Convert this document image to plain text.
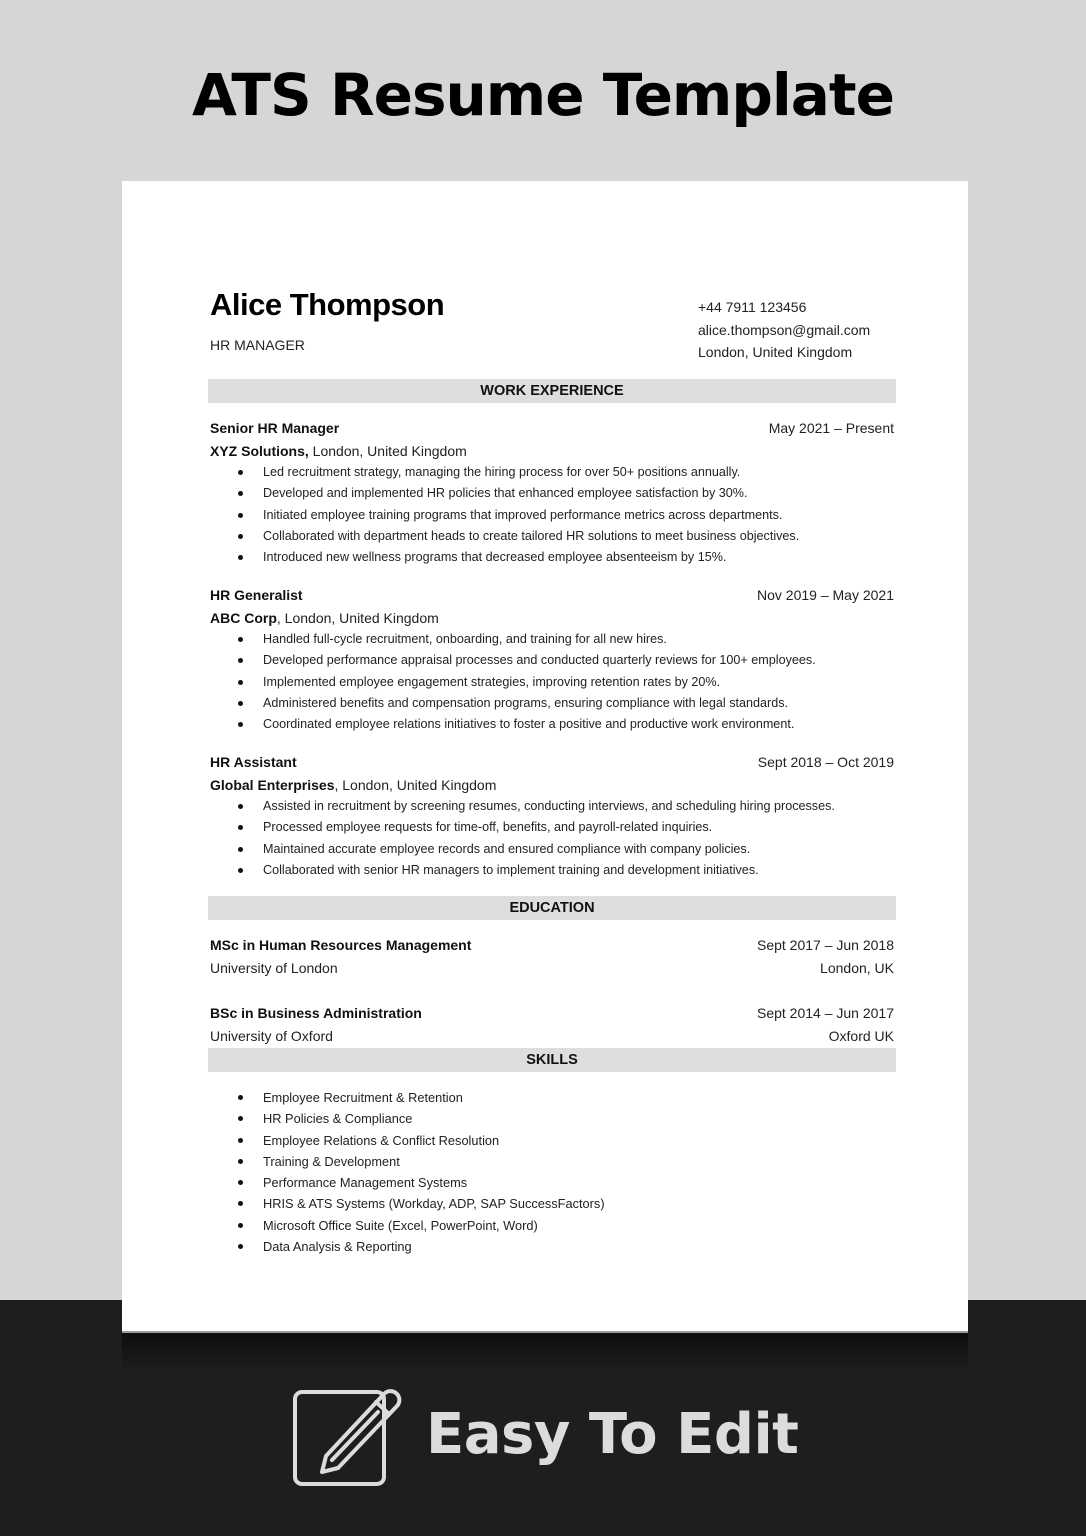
ATS Resume Template
Alice Thompson
HR MANAGER
+44 7911 123456
alice.thompson@gmail.com
London, United Kingdom
WORK EXPERIENCE
Senior HR Manager	May 2021 – Present
XYZ Solutions, London, United Kingdom
Led recruitment strategy, managing the hiring process for over 50+ positions annually.
Developed and implemented HR policies that enhanced employee satisfaction by 30%.
Initiated employee training programs that improved performance metrics across departments.
Collaborated with department heads to create tailored HR solutions to meet business objectives.
Introduced new wellness programs that decreased employee absenteeism by 15%.
HR Generalist	Nov 2019 – May 2021
ABC Corp, London, United Kingdom
Handled full-cycle recruitment, onboarding, and training for all new hires.
Developed performance appraisal processes and conducted quarterly reviews for 100+ employees.
Implemented employee engagement strategies, improving retention rates by 20%.
Administered benefits and compensation programs, ensuring compliance with legal standards.
Coordinated employee relations initiatives to foster a positive and productive work environment.
HR Assistant	Sept 2018 – Oct 2019
Global Enterprises, London, United Kingdom
Assisted in recruitment by screening resumes, conducting interviews, and scheduling hiring processes.
Processed employee requests for time-off, benefits, and payroll-related inquiries.
Maintained accurate employee records and ensured compliance with company policies.
Collaborated with senior HR managers to implement training and development initiatives.
EDUCATION
MSc in Human Resources Management	Sept 2017 – Jun 2018
University of London	London, UK
BSc in Business Administration	Sept 2014 – Jun 2017
University of Oxford	Oxford UK
SKILLS
Employee Recruitment & Retention
HR Policies & Compliance
Employee Relations & Conflict Resolution
Training & Development
Performance Management Systems
HRIS & ATS Systems (Workday, ADP, SAP SuccessFactors)
Microsoft Office Suite (Excel, PowerPoint, Word)
Data Analysis & Reporting
Easy To Edit
